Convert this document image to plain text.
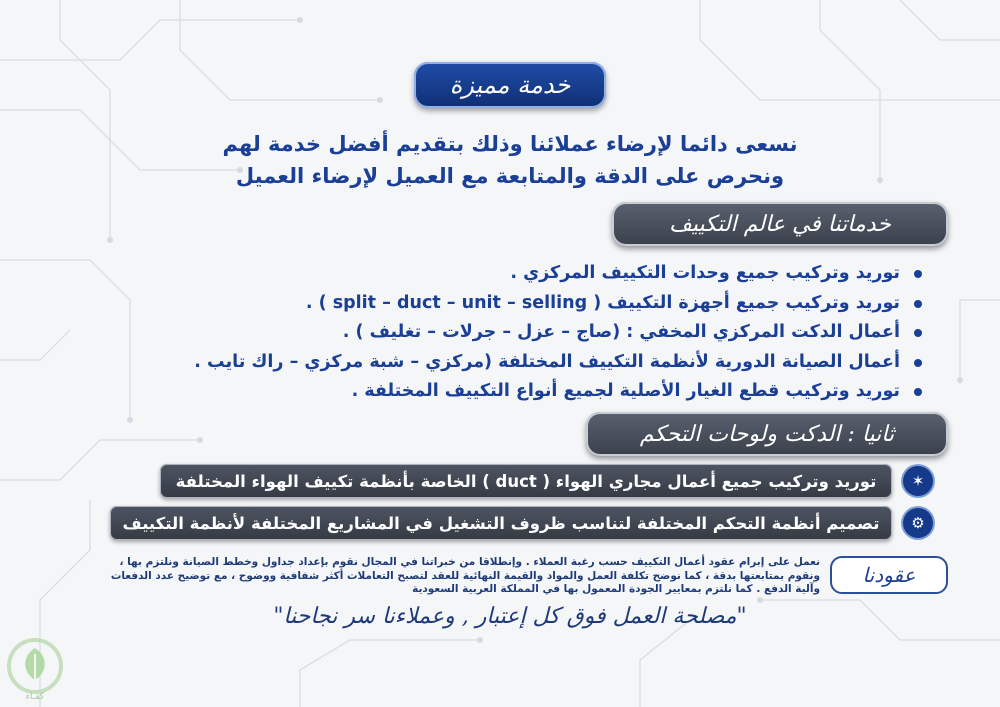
خدمة مميزة
نسعى دائما لإرضاء عملائنا وذلك بتقديم أفضل خدمة لهم
ونحرص على الدقة والمتابعة مع العميل لإرضاء العميل
خدماتنا في عالم التكييف
توريد وتركيب جميع وحدات التكييف المركزي .
توريد وتركيب جميع أجهزة التكييف ( split – duct – unit – selling ) .
أعمال الدكت المركزي المخفي : (صاج – عزل – جرلات – تغليف ) .
أعمال الصيانة الدورية لأنظمة التكييف المختلفة (مركزي – شبة مركزي – راك تايب .
توريد وتركيب قطع الغيار الأصلية لجميع أنواع التكييف المختلفة .
ثانيا : الدكت ولوحات التحكم
✶
توريد وتركيب جميع أعمال مجاري الهواء ( duct ) الخاصة بأنظمة تكييف الهواء المختلفة
⚙
تصميم أنظمة التحكم المختلفة لتناسب ظروف التشغيل في المشاريع المختلفة لأنظمة التكييف
عقودنا
نعمل على إبرام عقود أعمال التكييف حسب رغبة العملاء . وإنطلاقا من خبراتنا في المجال نقوم بإعداد جداول وخطط الصيانة ونلتزم بها ، ونقوم بمتابعتها بدقة ، كما نوضح تكلفة العمل والمواد والقيمة النهائية للعقد لتصبح التعاملات أكثر شفافية ووضوح ، مع توضيح عدد الدفعات وآلية الدفع . كما نلتزم بمعايير الجودة المعمول بها في المملكة العربية السعودية
"مصلحة العمل فوق كل إعتبار , وعملاءنا سر نجاحنا"
كفـاء
